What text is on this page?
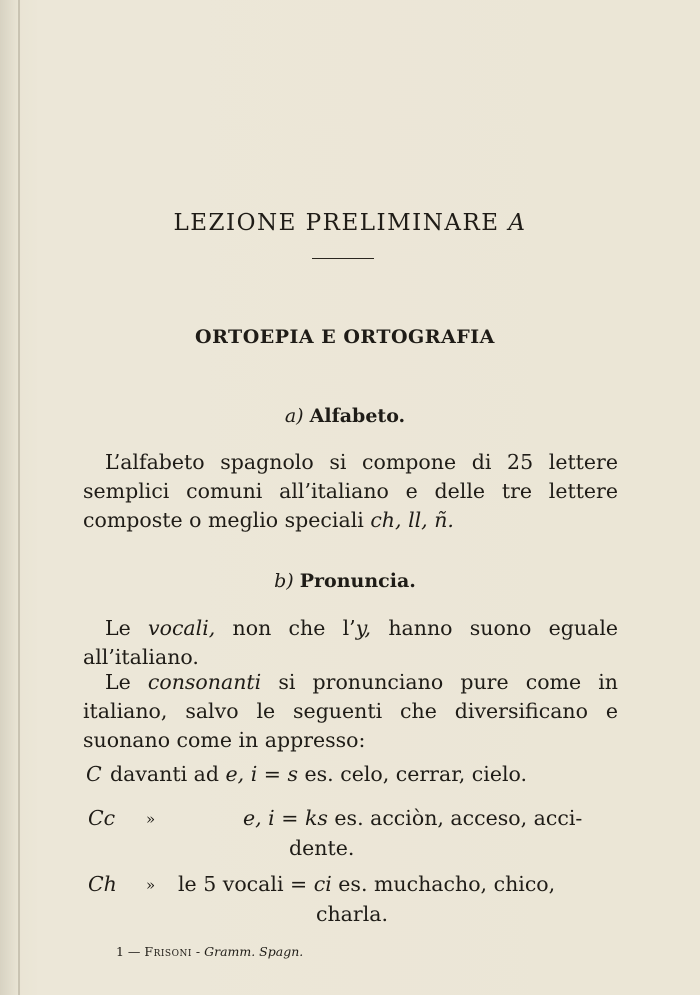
LEZIONE PRELIMINARE A
ORTOEPIA E ORTOGRAFIA
a) Alfabeto.
L’alfabeto spagnolo si compone di 25 lettere
semplici comuni all’italiano e delle tre lettere
composte o meglio speciali ch, ll, ñ.
b) Pronuncia.
Le vocali, non che l’y, hanno suono eguale
all’italiano.
Le consonanti si pronunciano pure come in
italiano, salvo le seguenti che diversificano e
suonano come in appresso:
C davanti ad e, i = s es. celo, cerrar, cielo.
Cc »	e, i = ks es. acciòn, acceso, acci-
dente.
Ch » le 5 vocali = ci es. muchacho, chico,
charla.
1 — Frisoni - Gramm. Spagn.
